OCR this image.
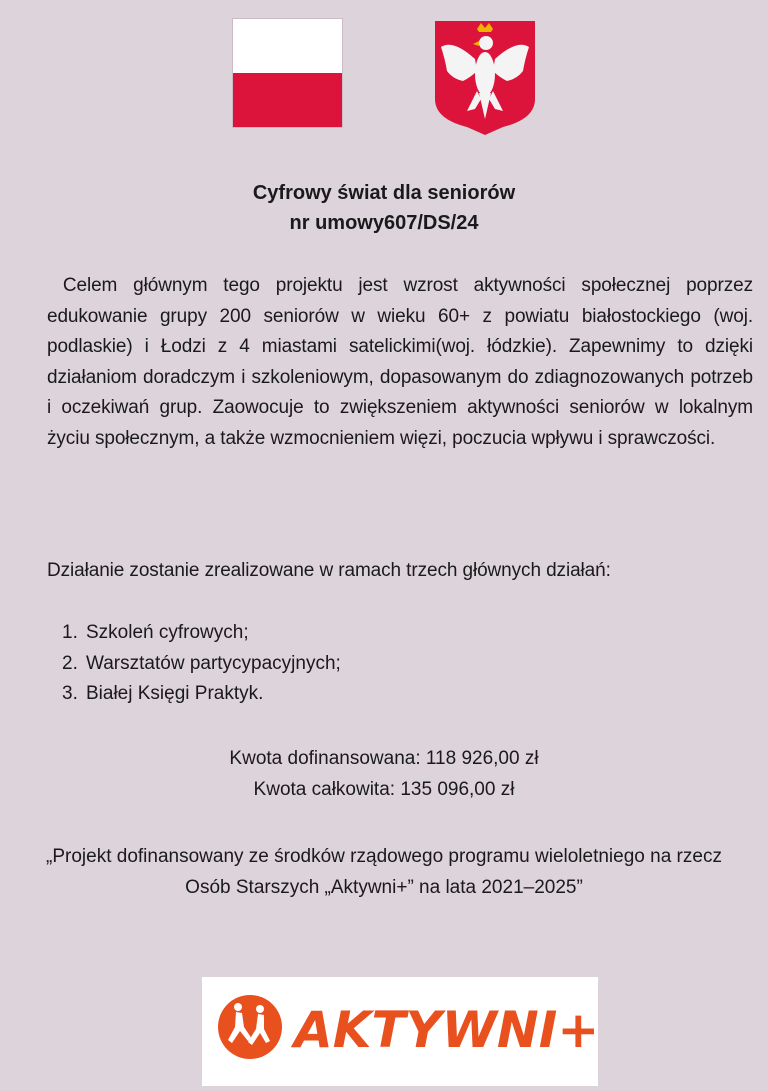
Cyfrowy świat dla seniorów
nr umowy607/DS/24
Celem głównym tego projektu jest wzrost aktywności społecznej poprzez edukowanie grupy 200 seniorów w wieku 60+ z powiatu białostockiego (woj. podlaskie) i Łodzi z 4 miastami satelickimi(woj. łódzkie). Zapewnimy to dzięki działaniom doradczym i szkoleniowym, dopasowanym do zdiagnozowanych potrzeb i oczekiwań grup. Zaowocuje to zwiększeniem aktywności seniorów w lokalnym życiu społecznym, a także wzmocnieniem więzi, poczucia wpływu i sprawczości.
Działanie zostanie zrealizowane w ramach trzech głównych działań:
1. Szkoleń cyfrowych;
2. Warsztatów partycypacyjnych;
3. Białej Księgi Praktyk.
Kwota dofinansowana: 118 926,00 zł
Kwota całkowita: 135 096,00 zł
„Projekt dofinansowany ze środków rządowego programu wieloletniego na rzecz Osób Starszych „Aktywni+” na lata 2021–2025”
AKTYWNI+
